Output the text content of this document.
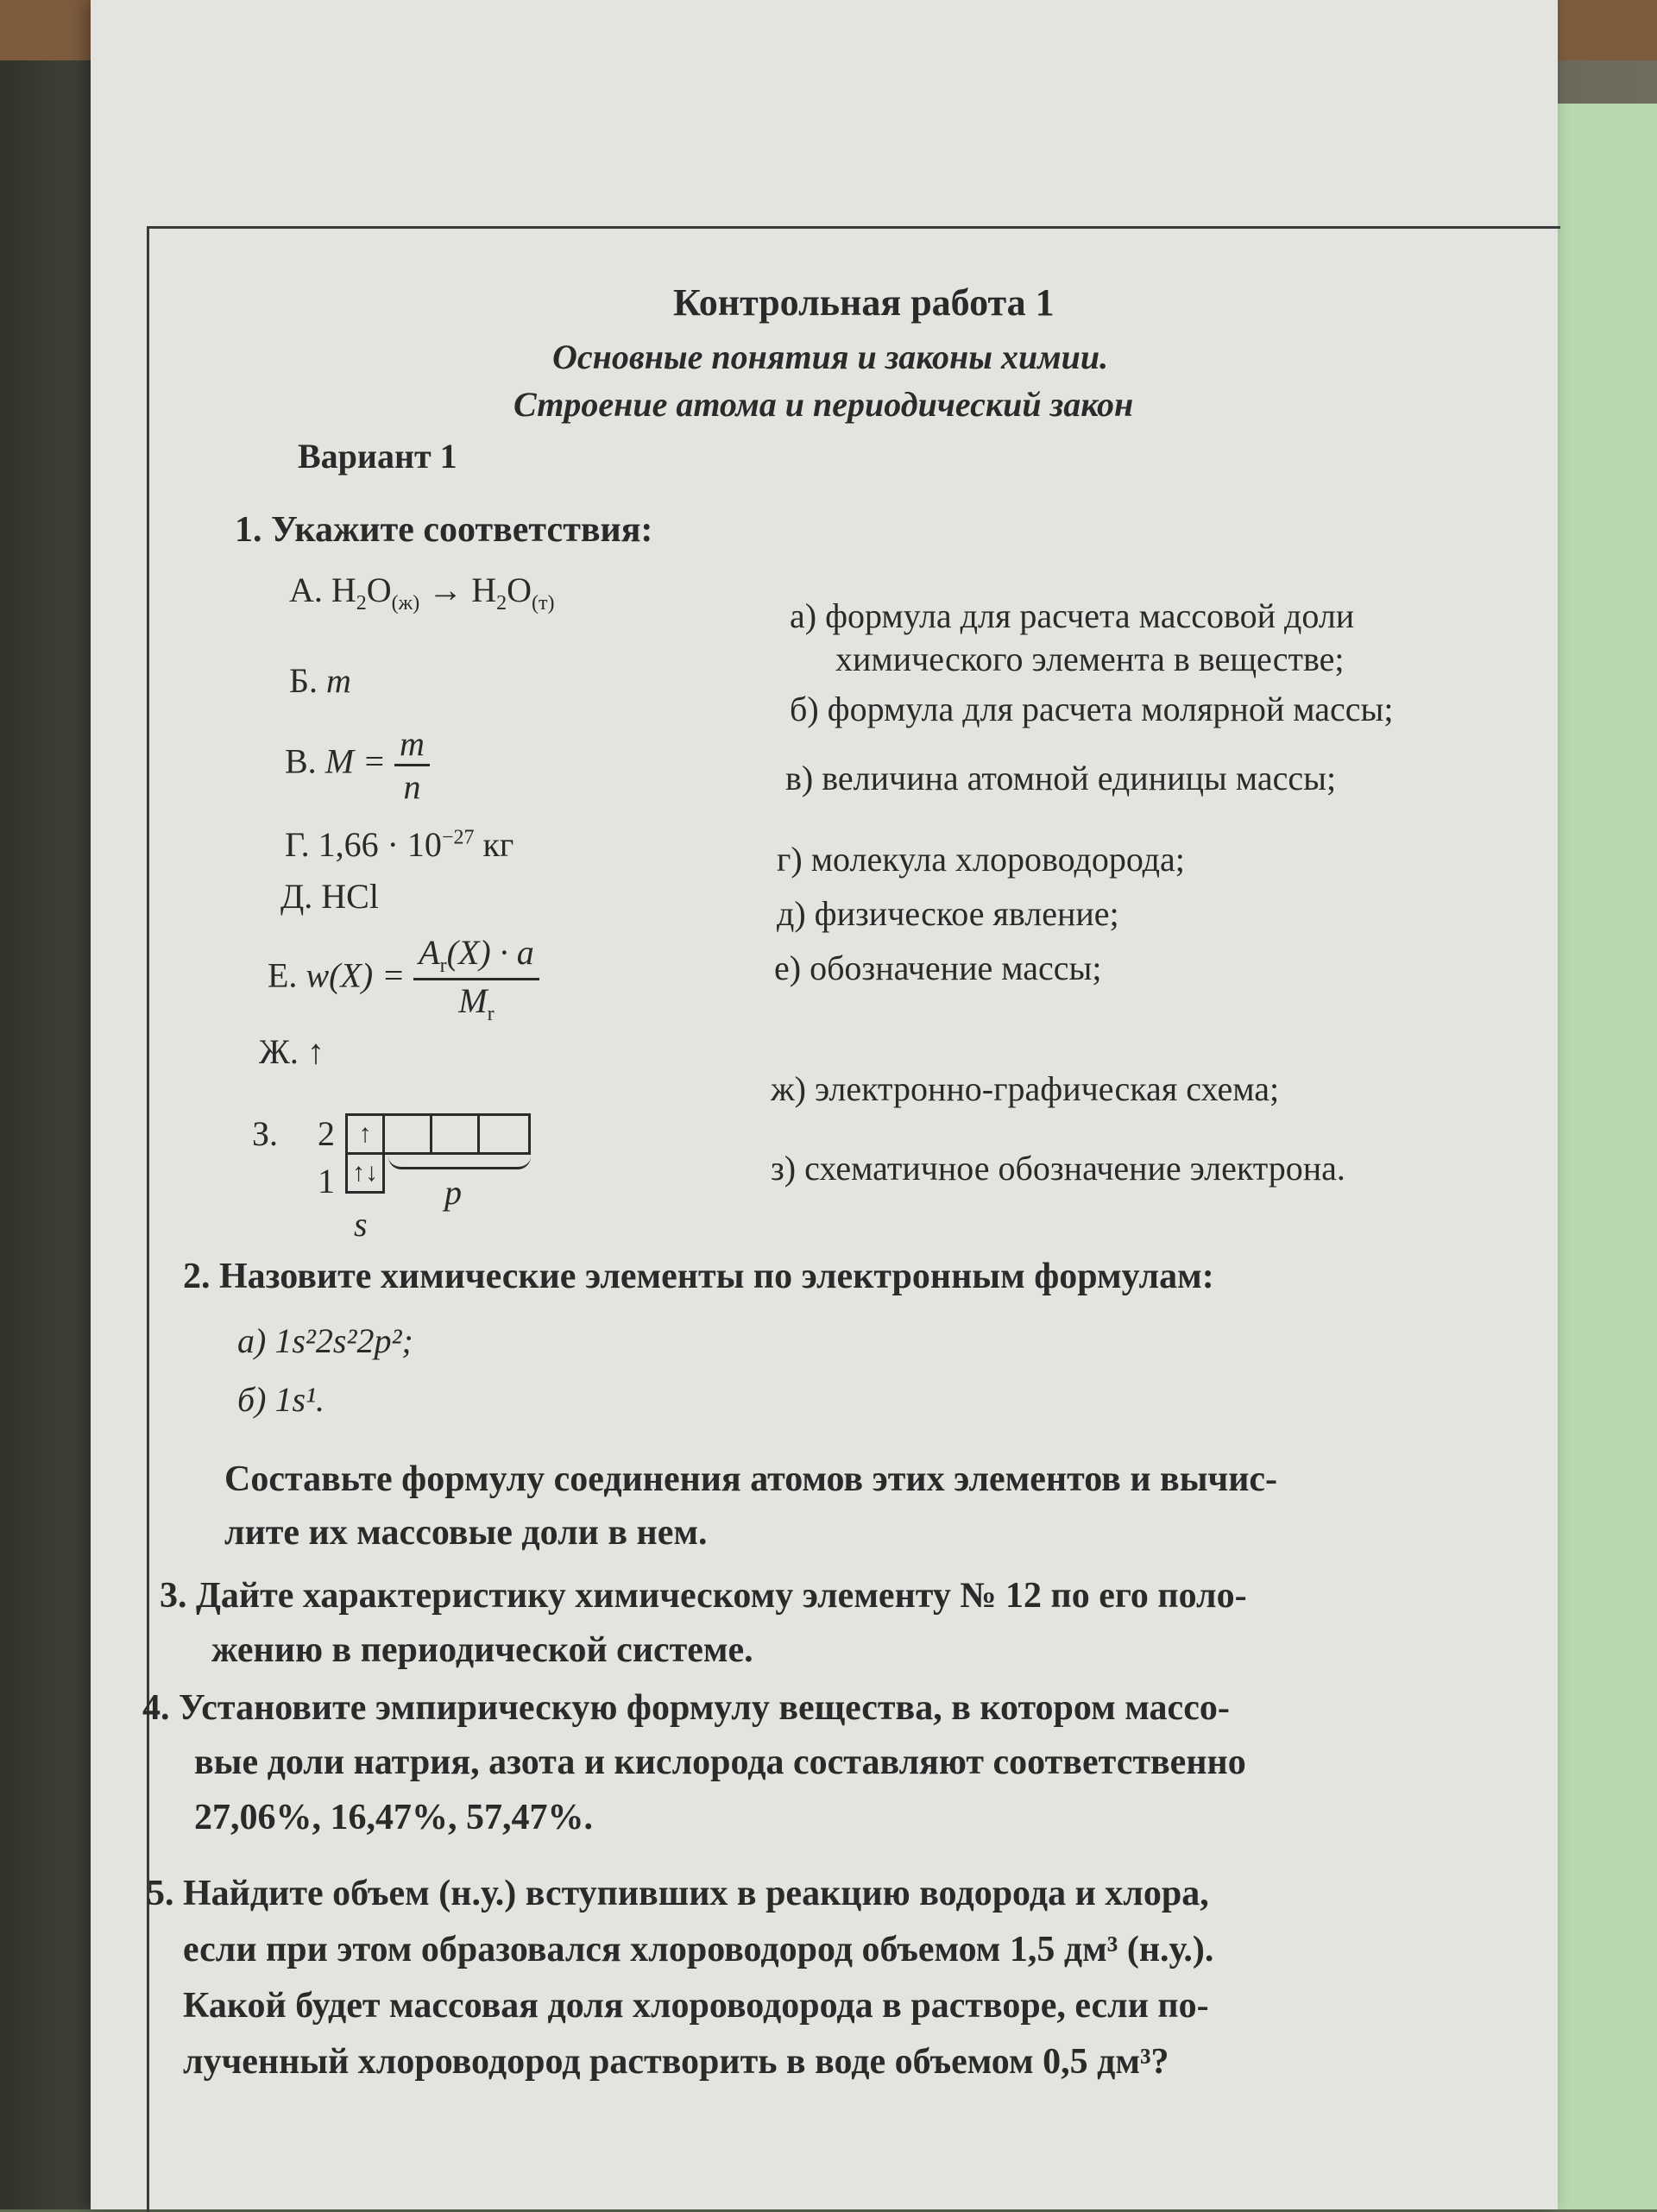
Контрольная работа 1
Основные понятия и законы химии.
Строение атома и периодический закон
Вариант 1
1. Укажите соответствия:
А. $H_2O_{(ж)} \to H_2O_{(т)}$
Б. m
В. $M = \frac{m}{n}$
Г. $1,66 \cdot 10^{-27}$ кг
Д. HCl
Е. $w(X) = \frac{A_r(X) \cdot a}{M_r}$
Ж. ↑
З. 2
1
↑
↑↓
s
p
а) формула для расчета массовой доли
химического элемента в веществе;
б) формула для расчета молярной массы;
в) величина атомной единицы массы;
г) молекула хлороводорода;
д) физическое явление;
е) обозначение массы;
ж) электронно-графическая схема;
з) схематичное обозначение электрона.
2. Назовите химические элементы по электронным формулам:
а) 1s²2s²2p²;
б) 1s¹.
Составьте формулу соединения атомов этих элементов и вычис-
лите их массовые доли в нем.
3. Дайте характеристику химическому элементу № 12 по его поло-
жению в периодической системе.
4. Установите эмпирическую формулу вещества, в котором массо-
вые доли натрия, азота и кислорода составляют соответственно
27,06%, 16,47%, 57,47%.
5. Найдите объем (н.у.) вступивших в реакцию водорода и хлора,
если при этом образовался хлороводород объемом 1,5 дм³ (н.у.).
Какой будет массовая доля хлороводорода в растворе, если по-
лученный хлороводород растворить в воде объемом 0,5 дм³?
